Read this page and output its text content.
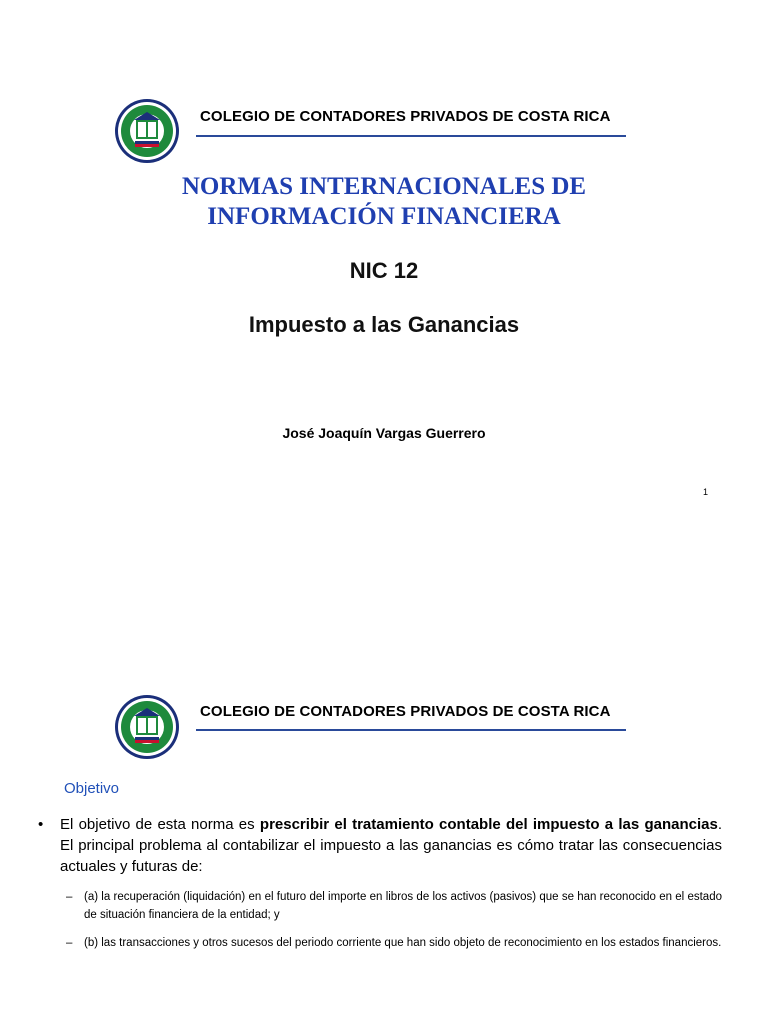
COLEGIO DE CONTADORES PRIVADOS DE COSTA RICA
NORMAS INTERNACIONALES DE
INFORMACIÓN FINANCIERA
NIC 12
Impuesto a las Ganancias
José Joaquín Vargas Guerrero
1
COLEGIO DE CONTADORES PRIVADOS DE COSTA RICA
Objetivo
• El objetivo de esta norma es prescribir el tratamiento contable del impuesto a las ganancias. El principal problema al contabilizar el impuesto a las ganancias es cómo tratar las consecuencias actuales y futuras de:
– (a) la recuperación (liquidación) en el futuro del importe en libros de los activos (pasivos) que se han reconocido en el estado de situación financiera de la entidad; y
– (b) las transacciones y otros sucesos del periodo corriente que han sido objeto de reconocimiento en los estados financieros.
